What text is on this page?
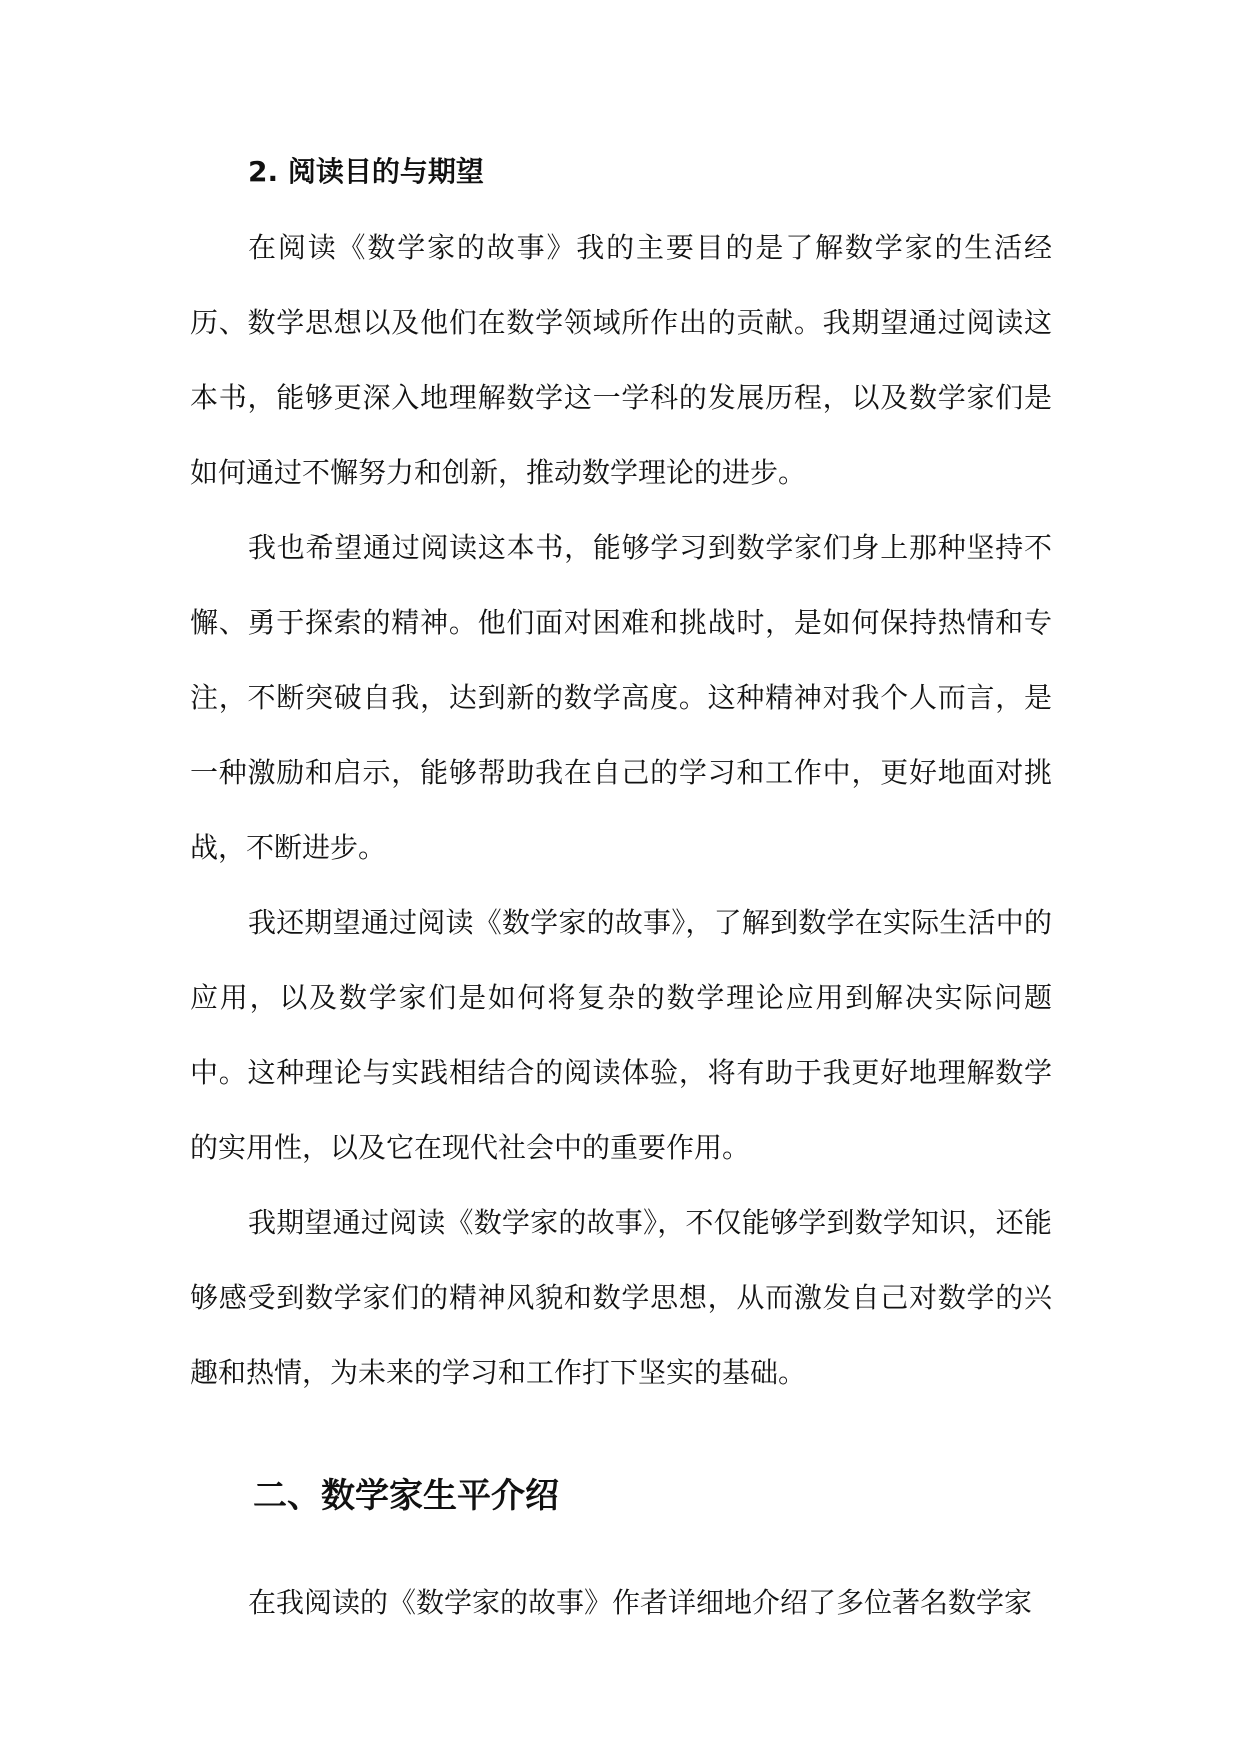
2. 阅读目的与期望

在阅读《数学家的故事》我的主要目的是了解数学家的生活经历、数学思想以及他们在数学领域所作出的贡献。我期望通过阅读这本书，能够更深入地理解数学这一学科的发展历程，以及数学家们是如何通过不懈努力和创新，推动数学理论的进步。

我也希望通过阅读这本书，能够学习到数学家们身上那种坚持不懈、勇于探索的精神。他们面对困难和挑战时，是如何保持热情和专注，不断突破自我，达到新的数学高度。这种精神对我个人而言，是一种激励和启示，能够帮助我在自己的学习和工作中，更好地面对挑战，不断进步。

我还期望通过阅读《数学家的故事》，了解到数学在实际生活中的应用，以及数学家们是如何将复杂的数学理论应用到解决实际问题中。这种理论与实践相结合的阅读体验，将有助于我更好地理解数学的实用性，以及它在现代社会中的重要作用。

我期望通过阅读《数学家的故事》，不仅能够学到数学知识，还能够感受到数学家们的精神风貌和数学思想，从而激发自己对数学的兴趣和热情，为未来的学习和工作打下坚实的基础。

二、数学家生平介绍

在我阅读的《数学家的故事》作者详细地介绍了多位著名数学家
